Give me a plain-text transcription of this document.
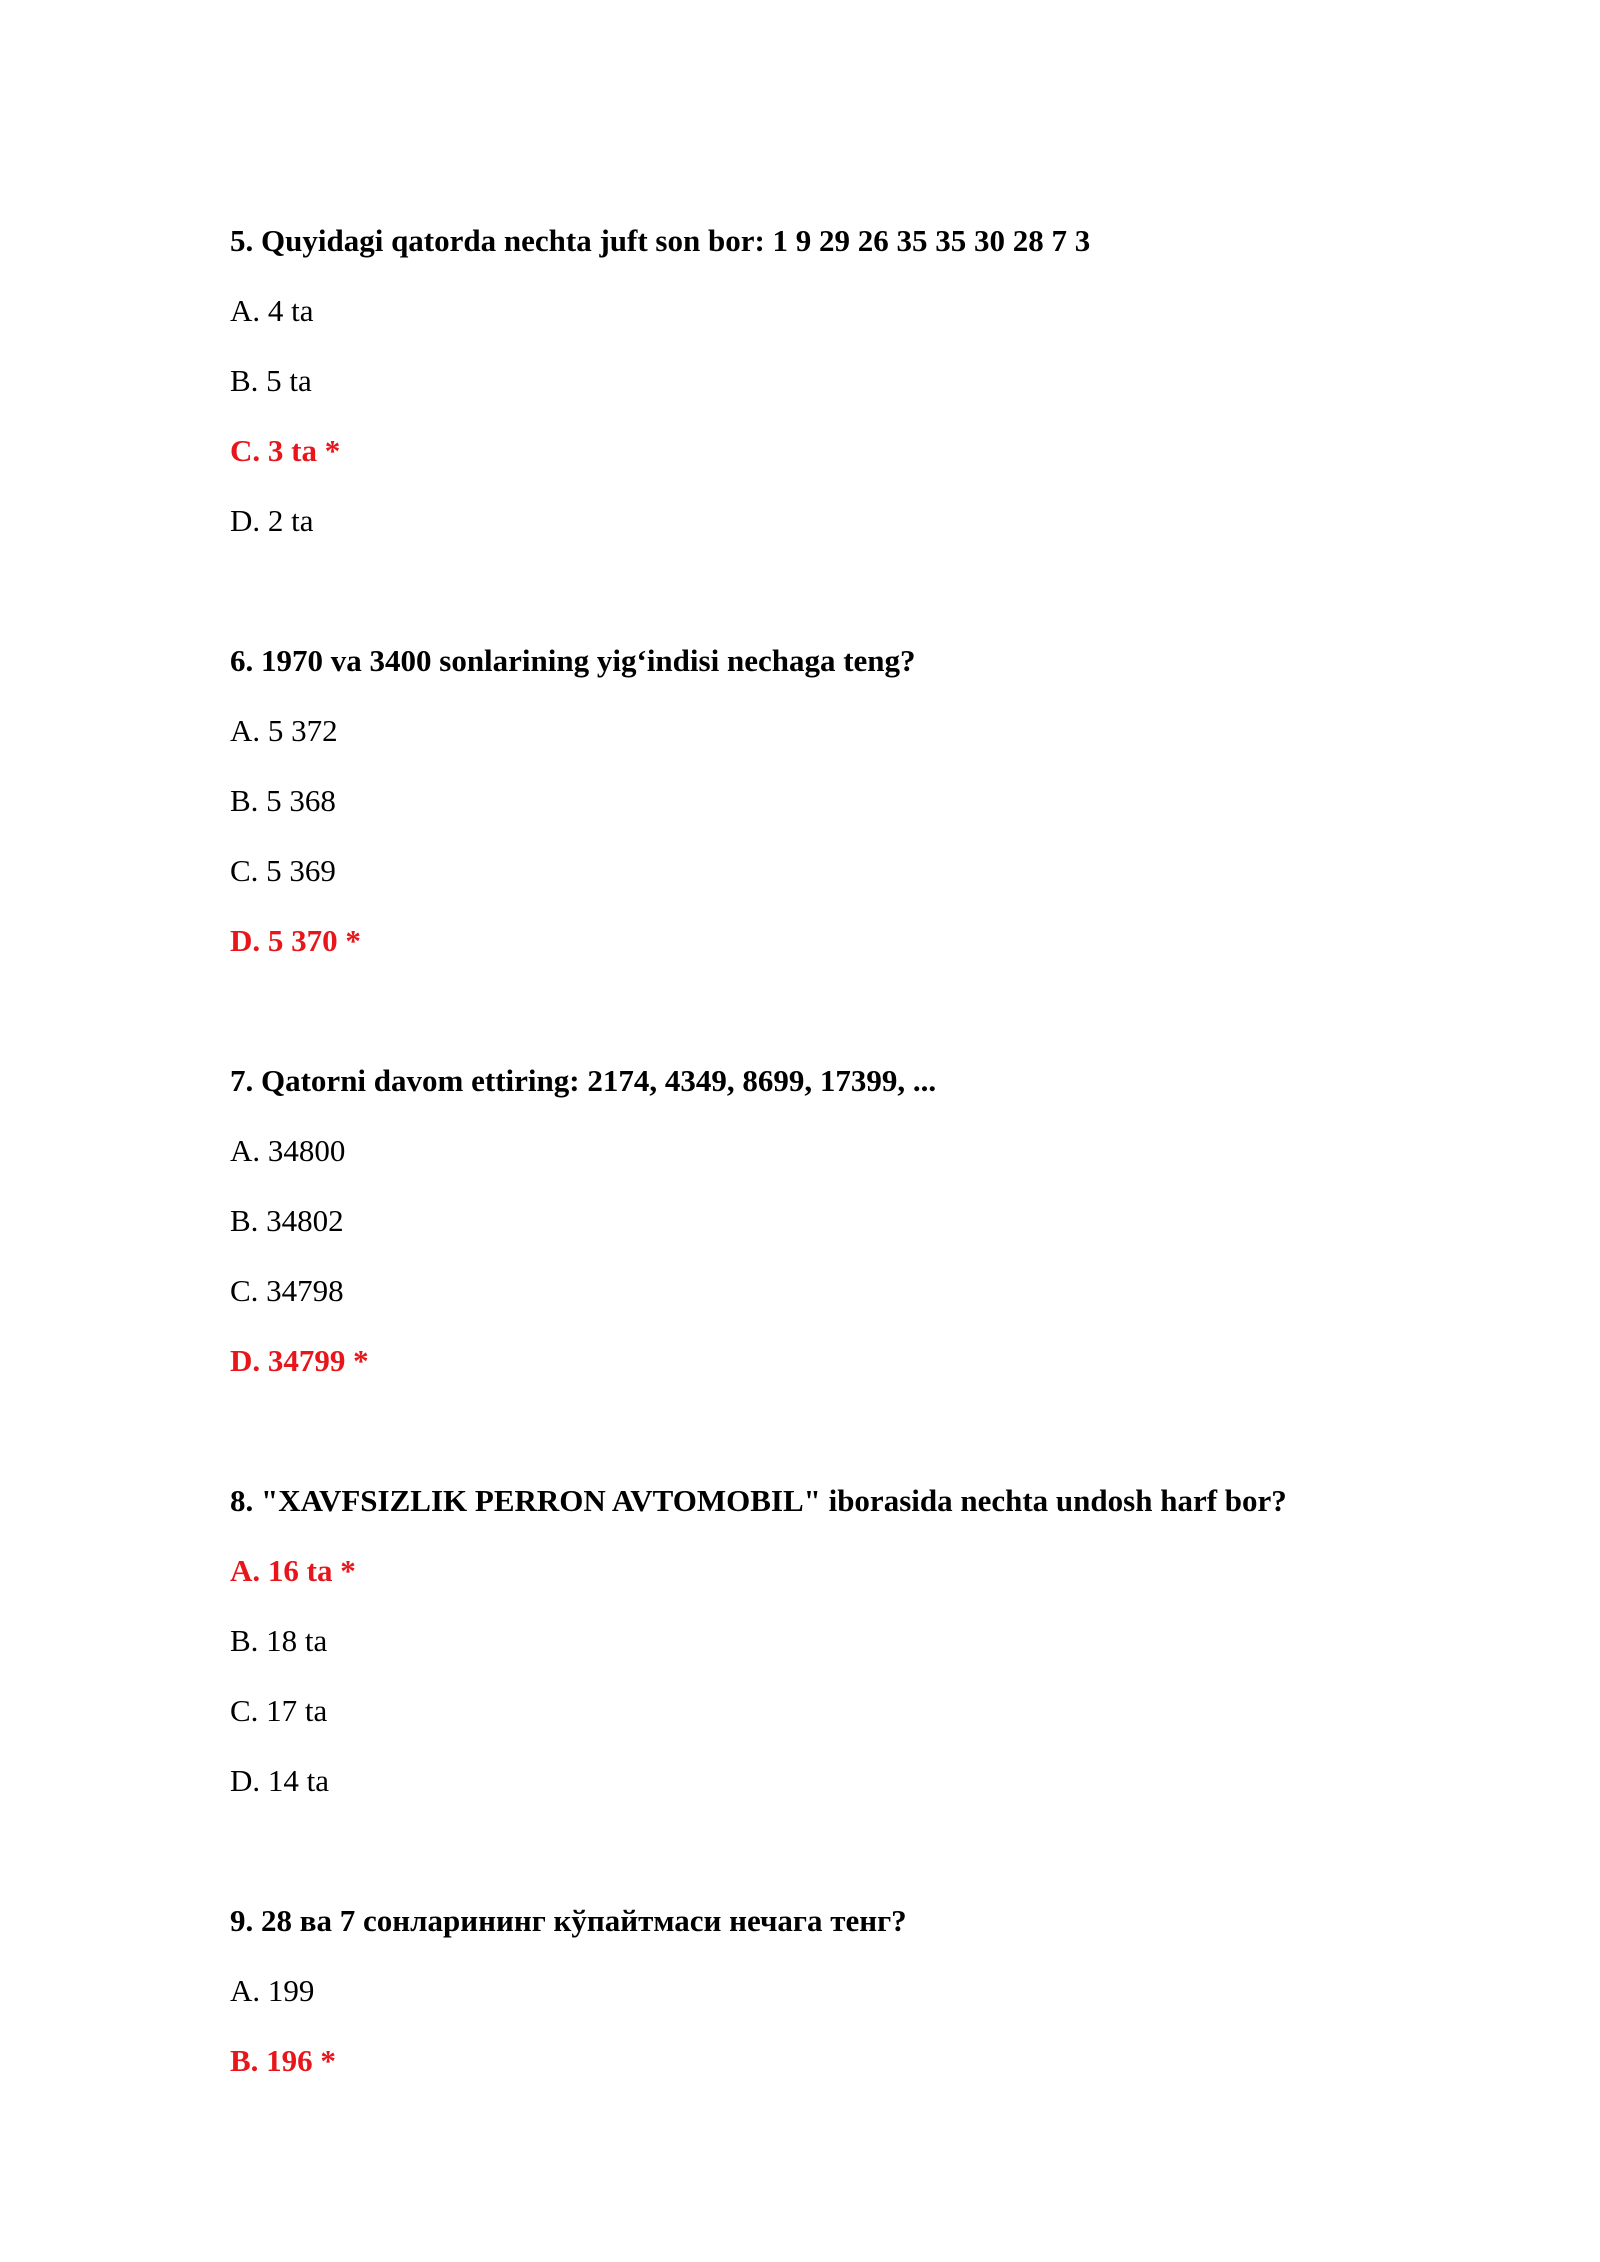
5. Quyidagi qatorda nechta juft son bor: 1 9 29 26 35 35 30 28 7 3
A. 4 ta
B. 5 ta
C. 3 ta *
D. 2 ta
6. 1970 va 3400 sonlarining yig‘indisi nechaga teng?
A. 5 372
B. 5 368
C. 5 369
D. 5 370 *
7. Qatorni davom ettiring: 2174, 4349, 8699, 17399, ...
A. 34800
B. 34802
C. 34798
D. 34799 *
8. "XAVFSIZLIK PERRON AVTOMOBIL" iborasida nechta undosh harf bor?
A. 16 ta *
B. 18 ta
C. 17 ta
D. 14 ta
9. 28 ва 7 сонларининг кўпайтмаси нечага тенг?
A. 199
B. 196 *
